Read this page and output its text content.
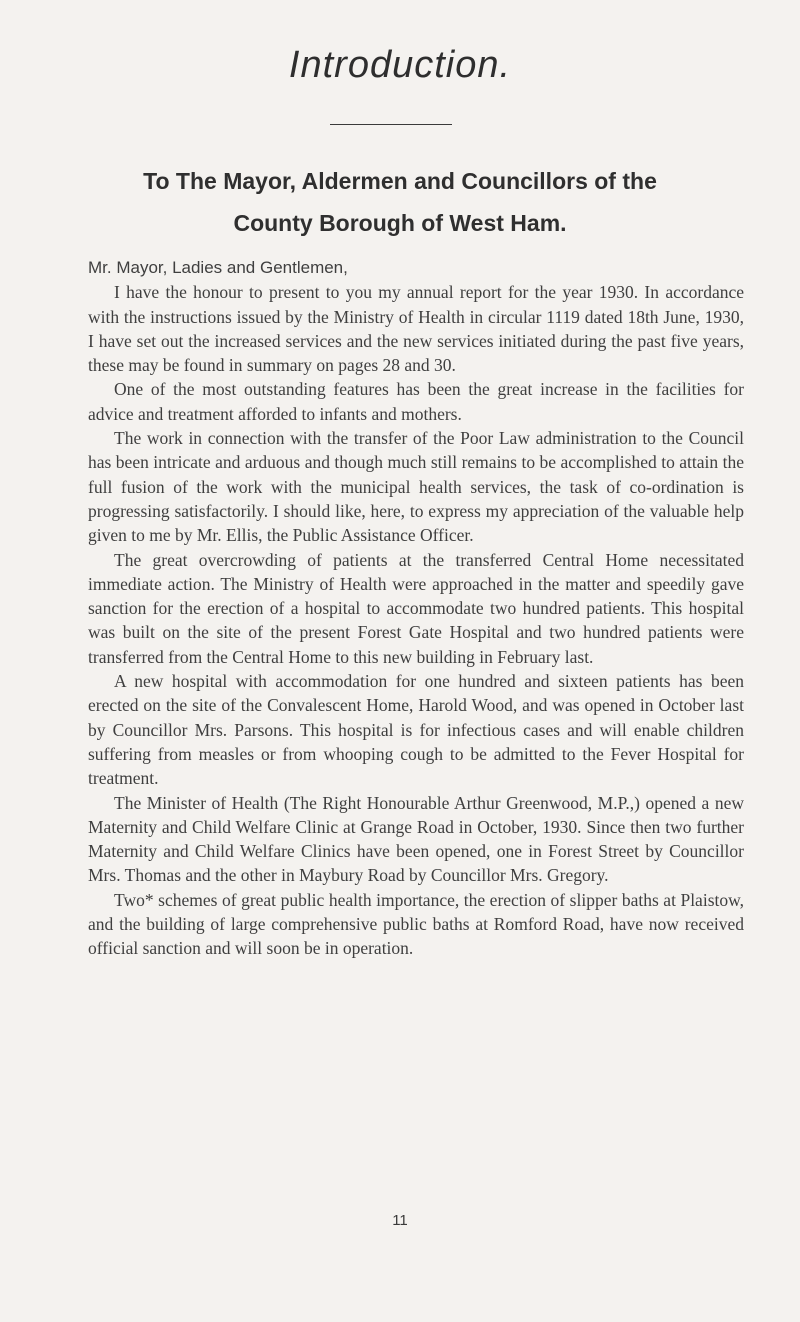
Introduction.
To The Mayor, Aldermen and Councillors of the
County Borough of West Ham.

Mr. Mayor, Ladies and Gentlemen,

I have the honour to present to you my annual report for the year 1930. In accordance with the instructions issued by the Ministry of Health in circular 1119 dated 18th June, 1930, I have set out the increased services and the new services initiated during the past five years, these may be found in summary on pages 28 and 30.

One of the most outstanding features has been the great increase in the facilities for advice and treatment afforded to infants and mothers.

The work in connection with the transfer of the Poor Law administration to the Council has been intricate and arduous and though much still remains to be accomplished to attain the full fusion of the work with the municipal health services, the task of co-ordination is progressing satisfactorily. I should like, here, to express my appreciation of the valuable help given to me by Mr. Ellis, the Public Assistance Officer.

The great overcrowding of patients at the transferred Central Home necessitated immediate action. The Ministry of Health were approached in the matter and speedily gave sanction for the erection of a hospital to accommodate two hundred patients. This hospital was built on the site of the present Forest Gate Hospital and two hundred patients were transferred from the Central Home to this new building in February last.

A new hospital with accommodation for one hundred and sixteen patients has been erected on the site of the Convalescent Home, Harold Wood, and was opened in October last by Councillor Mrs. Parsons. This hospital is for infectious cases and will enable children suffering from measles or from whooping cough to be admitted to the Fever Hospital for treatment.

The Minister of Health (The Right Honourable Arthur Greenwood, M.P.,) opened a new Maternity and Child Welfare Clinic at Grange Road in October, 1930. Since then two further Maternity and Child Welfare Clinics have been opened, one in Forest Street by Councillor Mrs. Thomas and the other in Maybury Road by Councillor Mrs. Gregory.

Two* schemes of great public health importance, the erection of slipper baths at Plaistow, and the building of large comprehensive public baths at Romford Road, have now received official sanction and will soon be in operation.

11
